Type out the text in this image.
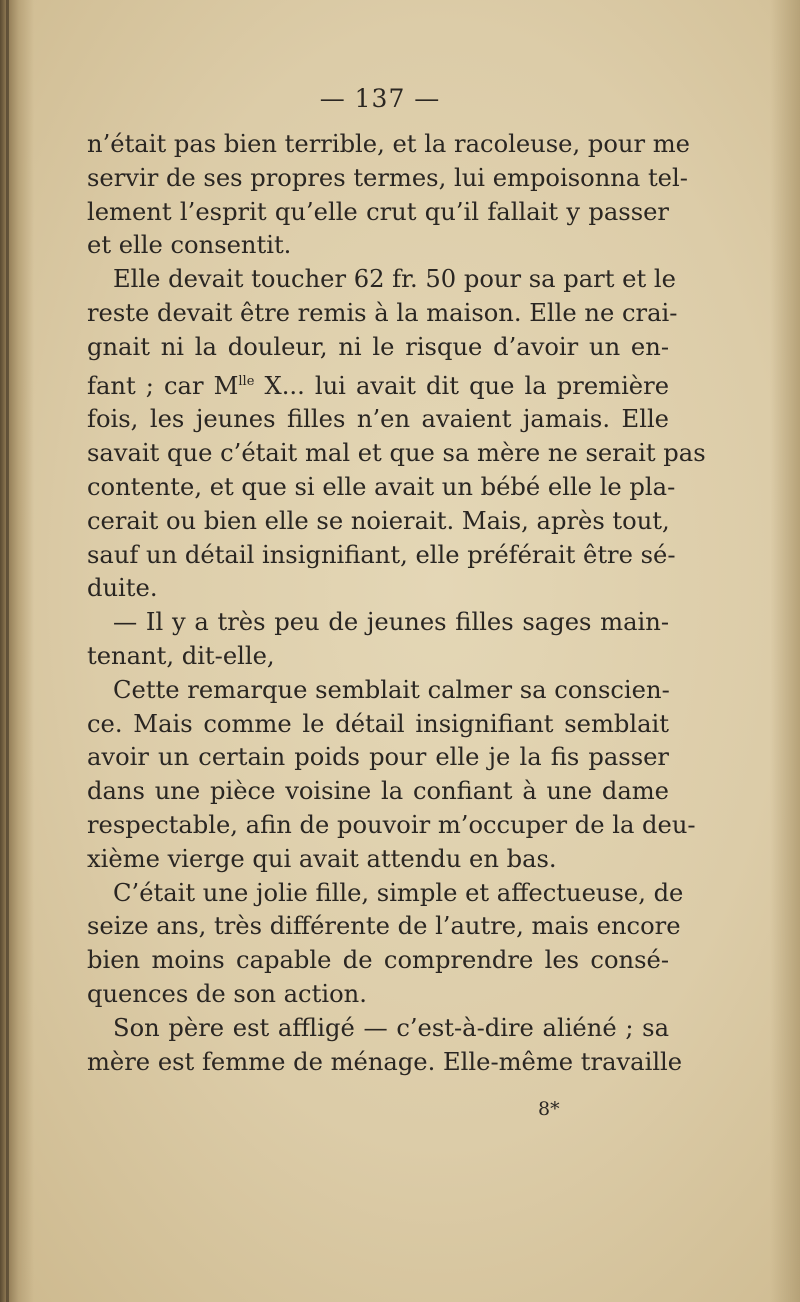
— 137 —
n’était pas bien terrible, et la racoleuse, pour me
servir de ses propres termes, lui empoisonna tel-
lement l’esprit qu’elle crut qu’il fallait y passer
et elle consentit.
Elle devait toucher 62 fr. 50 pour sa part et le
reste devait être remis à la maison. Elle ne crai-
gnait ni la douleur, ni le risque d’avoir un en-
fant ; car $M^{lle}$ X... lui avait dit que la première
fois, les jeunes filles n’en avaient jamais. Elle
savait que c’était mal et que sa mère ne serait pas
contente, et que si elle avait un bébé elle le pla-
cerait ou bien elle se noierait. Mais, après tout,
sauf un détail insignifiant, elle préférait être sé-
duite.
— Il y a très peu de jeunes filles sages main-
tenant, dit-elle,
Cette remarque semblait calmer sa conscien-
ce. Mais comme le détail insignifiant semblait
avoir un certain poids pour elle je la fis passer
dans une pièce voisine la confiant à une dame
respectable, afin de pouvoir m’occuper de la deu-
xième vierge qui avait attendu en bas.
C’était une jolie fille, simple et affectueuse, de
seize ans, très différente de l’autre, mais encore
bien moins capable de comprendre les consé-
quences de son action.
Son père est affligé — c’est-à-dire aliéné ; sa
mère est femme de ménage. Elle-même travaille
8*
